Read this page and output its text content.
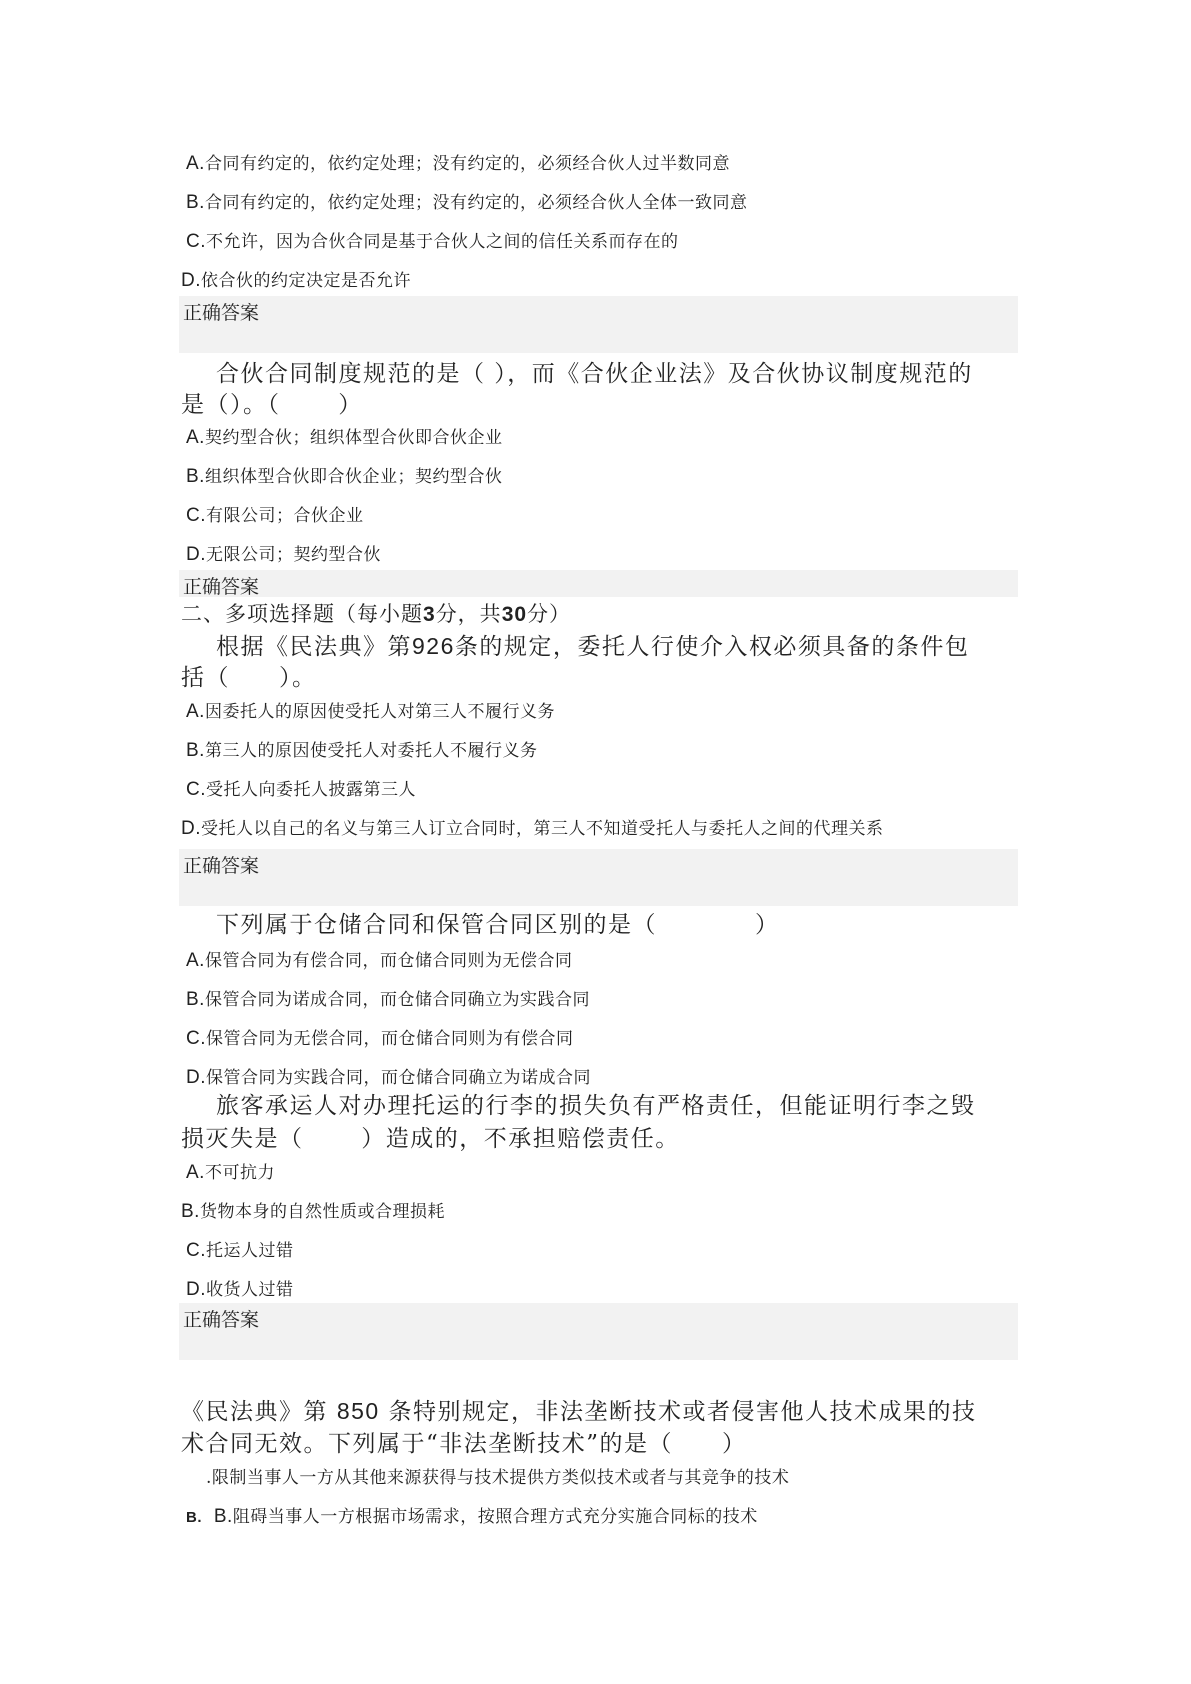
A.合同有约定的，依约定处理；没有约定的，必须经合伙人过半数同意
B.合同有约定的，依约定处理；没有约定的，必须经合伙人全体一致同意
C.不允许，因为合伙合同是基于合伙人之间的信任关系而存在的
D.依合伙的约定决定是否允许
正确答案
合伙合同制度规范的是（ ），而《合伙企业法》及合伙协议制度规范的
是（）。（　　 ）
A.契约型合伙；组织体型合伙即合伙企业
B.组织体型合伙即合伙企业；契约型合伙
C.有限公司；合伙企业
D.无限公司；契约型合伙
正确答案
二、多项选择题（每小题3分，共30分）
根据《民法典》第926条的规定，委托人行使介入权必须具备的条件包
括（　　）。
A.因委托人的原因使受托人对第三人不履行义务
B.第三人的原因使受托人对委托人不履行义务
C.受托人向委托人披露第三人
D.受托人以自己的名义与第三人订立合同时，第三人不知道受托人与委托人之间的代理关系
正确答案
下列属于仓储合同和保管合同区别的是（　　　　）
A.保管合同为有偿合同，而仓储合同则为无偿合同
B.保管合同为诺成合同，而仓储合同确立为实践合同
C.保管合同为无偿合同，而仓储合同则为有偿合同
D.保管合同为实践合同，而仓储合同确立为诺成合同
旅客承运人对办理托运的行李的损失负有严格责任，但能证明行李之毁
损灭失是（　　 ）造成的，不承担赔偿责任。
A.不可抗力
B.货物本身的自然性质或合理损耗
C.托运人过错
D.收货人过错
正确答案
《民法典》第 850 条特别规定，非法垄断技术或者侵害他人技术成果的技
术合同无效。下列属于“非法垄断技术”的是（　　）
.限制当事人一方从其他来源获得与技术提供方类似技术或者与其竞争的技术
B. B.阻碍当事人一方根据市场需求，按照合理方式充分实施合同标的技术
